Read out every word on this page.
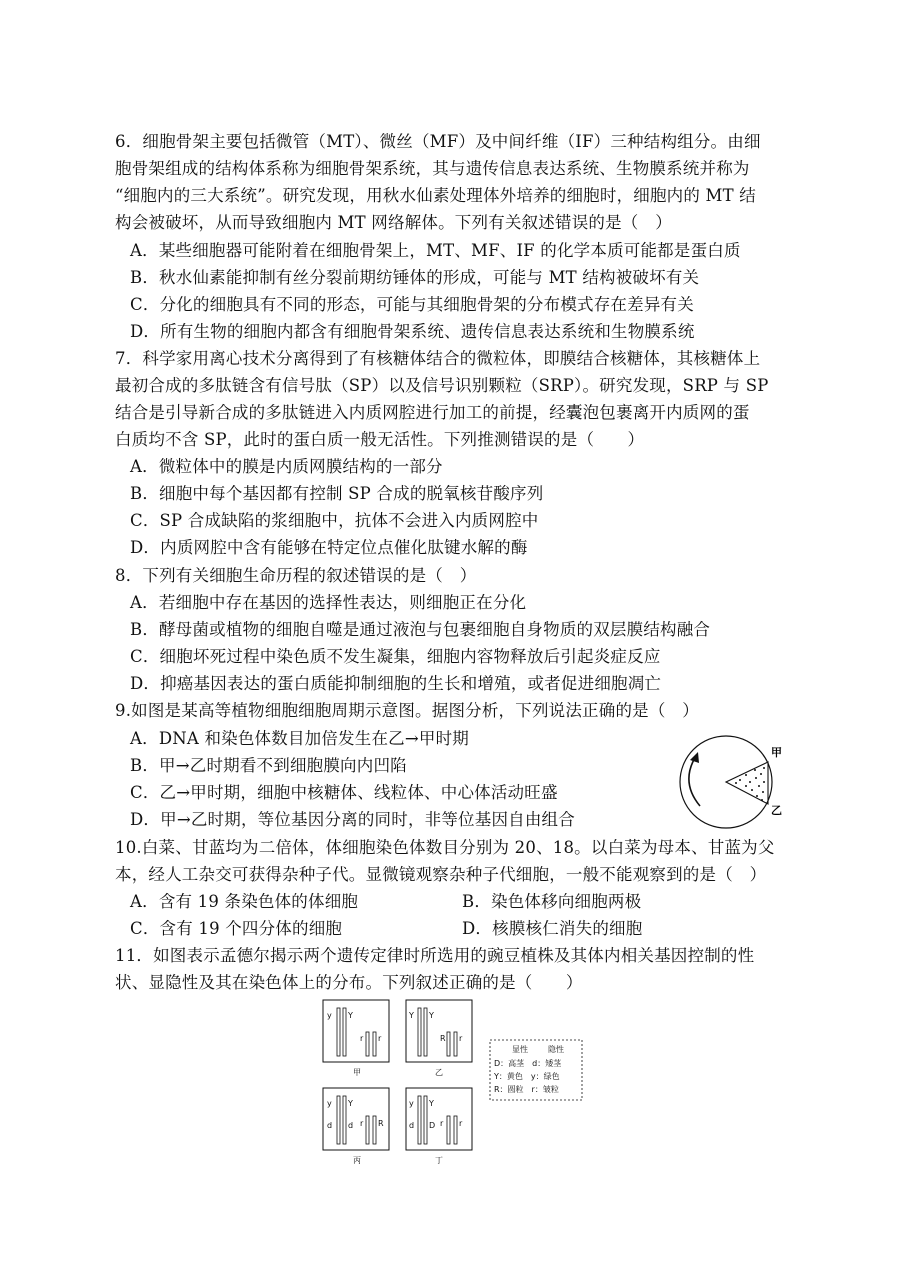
6．细胞骨架主要包括微管（MT）、微丝（MF）及中间纤维（IF）三种结构组分。由细
胞骨架组成的结构体系称为细胞骨架系统，其与遗传信息表达系统、生物膜系统并称为
“细胞内的三大系统”。研究发现，用秋水仙素处理体外培养的细胞时，细胞内的 MT 结
构会被破坏，从而导致细胞内 MT 网络解体。下列有关叙述错误的是（　）
A．某些细胞器可能附着在细胞骨架上，MT、MF、IF 的化学本质可能都是蛋白质
B．秋水仙素能抑制有丝分裂前期纺锤体的形成，可能与 MT 结构被破坏有关
C．分化的细胞具有不同的形态，可能与其细胞骨架的分布模式存在差异有关
D．所有生物的细胞内都含有细胞骨架系统、遗传信息表达系统和生物膜系统
7．科学家用离心技术分离得到了有核糖体结合的微粒体，即膜结合核糖体，其核糖体上
最初合成的多肽链含有信号肽（SP）以及信号识别颗粒（SRP）。研究发现，SRP 与 SP
结合是引导新合成的多肽链进入内质网腔进行加工的前提，经囊泡包裹离开内质网的蛋
白质均不含 SP，此时的蛋白质一般无活性。下列推测错误的是（　　）
A．微粒体中的膜是内质网膜结构的一部分
B．细胞中每个基因都有控制 SP 合成的脱氧核苷酸序列
C．SP 合成缺陷的浆细胞中，抗体不会进入内质网腔中
D．内质网腔中含有能够在特定位点催化肽键水解的酶
8．下列有关细胞生命历程的叙述错误的是（　）
A．若细胞中存在基因的选择性表达，则细胞正在分化
B．酵母菌或植物的细胞自噬是通过液泡与包裹细胞自身物质的双层膜结构融合
C．细胞坏死过程中染色质不发生凝集，细胞内容物释放后引起炎症反应
D．抑癌基因表达的蛋白质能抑制细胞的生长和增殖，或者促进细胞凋亡
9.如图是某高等植物细胞细胞周期示意图。据图分析，下列说法正确的是（　）
A．DNA 和染色体数目加倍发生在乙→甲时期
B．甲→乙时期看不到细胞膜向内凹陷
C．乙→甲时期，细胞中核糖体、线粒体、中心体活动旺盛
D．甲→乙时期，等位基因分离的同时，非等位基因自由组合
甲
乙
10.白菜、甘蓝均为二倍体，体细胞染色体数目分别为 20、18。以白菜为母本、甘蓝为父
本，经人工杂交可获得杂种子代。显微镜观察杂种子代细胞，一般不能观察到的是（　）
A．含有 19 条染色体的体细胞	B．染色体移向细胞两极
C．含有 19 个四分体的细胞	D．核膜核仁消失的细胞
11．如图表示孟德尔揭示两个遗传定律时所选用的豌豆植株及其体内相关基因控制的性
状、显隐性及其在染色体上的分布。下列叙述正确的是（　　）
y Y
r r
甲
Y Y
R r
乙
y Y
d d r R
丙
y Y
d D r r
丁
显性	隐性
D：高茎　d：矮茎
Y：黄色　y：绿色
R：圆粒　r：皱粒
